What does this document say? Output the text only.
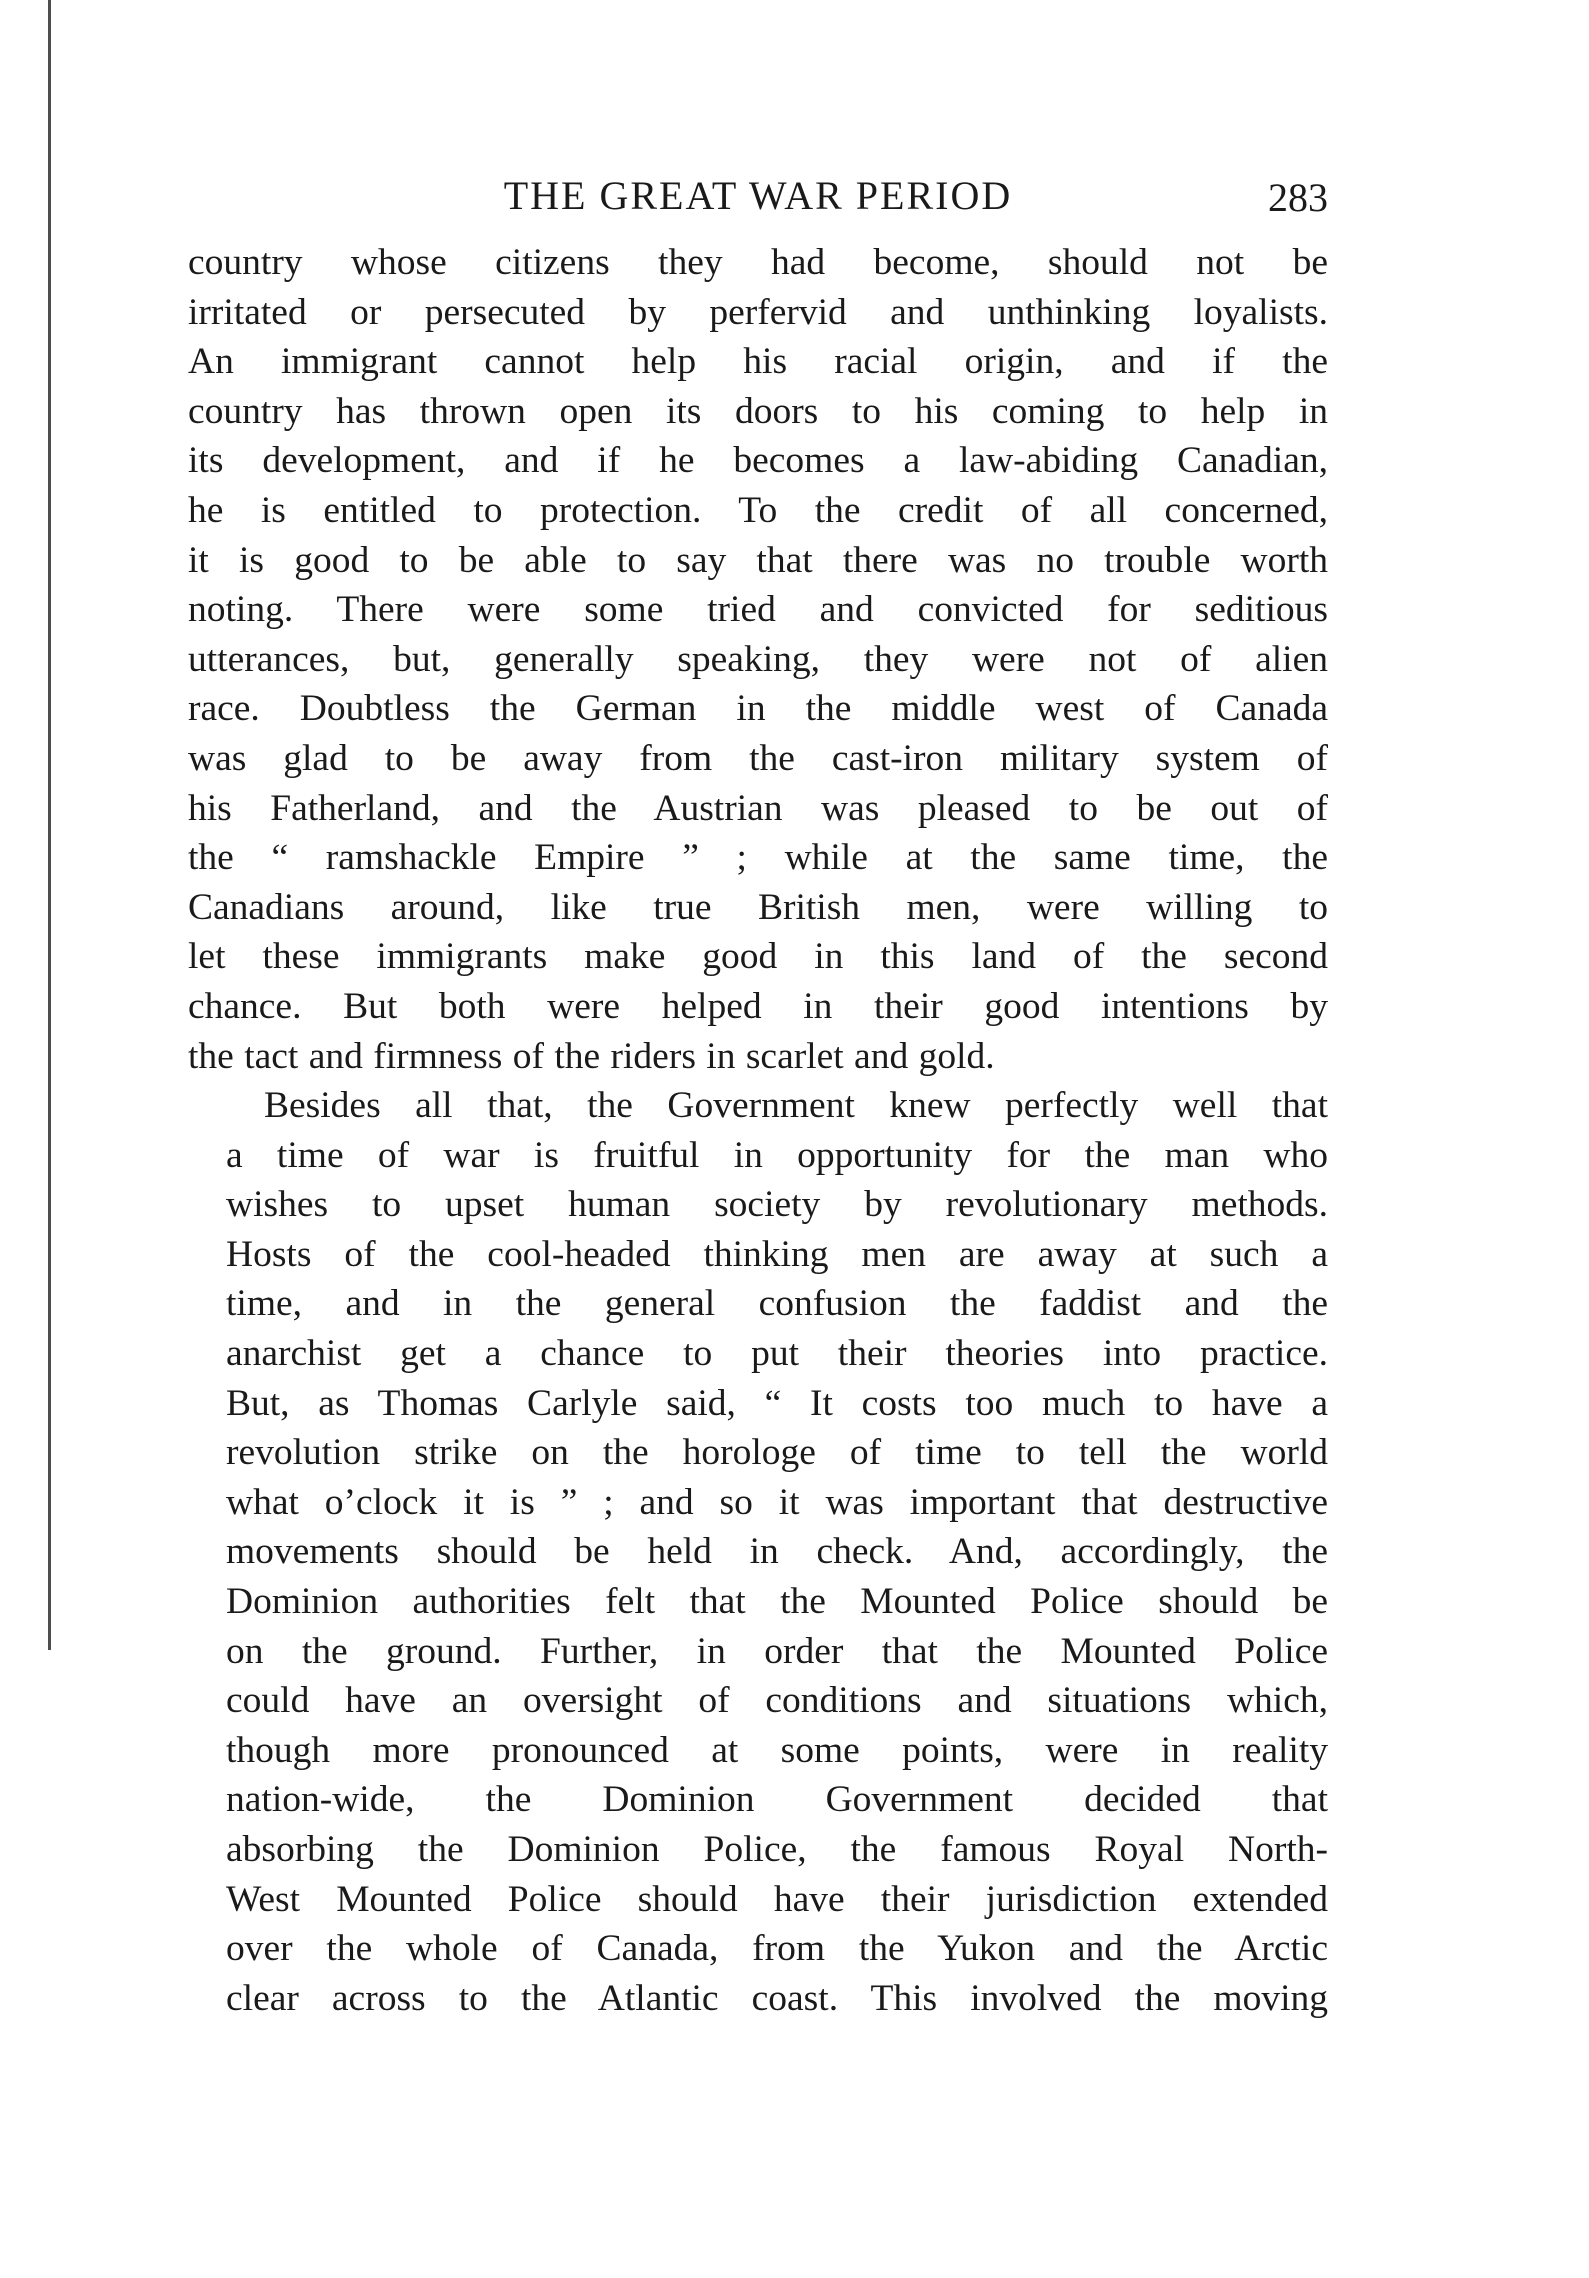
THE GREAT WAR PERIOD	283

country whose citizens they had become, should not be
irritated or persecuted by perfervid and unthinking loyalists.
An immigrant cannot help his racial origin, and if the
country has thrown open its doors to his coming to help in
its development, and if he becomes a law-abiding Canadian,
he is entitled to protection. To the credit of all concerned,
it is good to be able to say that there was no trouble worth
noting. There were some tried and convicted for seditious
utterances, but, generally speaking, they were not of alien
race. Doubtless the German in the middle west of Canada
was glad to be away from the cast-iron military system of
his Fatherland, and the Austrian was pleased to be out of
the “ ramshackle Empire ” ; while at the same time, the
Canadians around, like true British men, were willing to
let these immigrants make good in this land of the second
chance. But both were helped in their good intentions by
the tact and firmness of the riders in scarlet and gold.

Besides all that, the Government knew perfectly well that
a time of war is fruitful in opportunity for the man who
wishes to upset human society by revolutionary methods.
Hosts of the cool-headed thinking men are away at such a
time, and in the general confusion the faddist and the
anarchist get a chance to put their theories into practice.
But, as Thomas Carlyle said, “ It costs too much to have a
revolution strike on the horologe of time to tell the world
what o’clock it is ” ; and so it was important that destructive
movements should be held in check. And, accordingly, the
Dominion authorities felt that the Mounted Police should be
on the ground. Further, in order that the Mounted Police
could have an oversight of conditions and situations which,
though more pronounced at some points, were in reality
nation-wide, the Dominion Government decided that
absorbing the Dominion Police, the famous Royal North-
West Mounted Police should have their jurisdiction extended
over the whole of Canada, from the Yukon and the Arctic
clear across to the Atlantic coast. This involved the moving
